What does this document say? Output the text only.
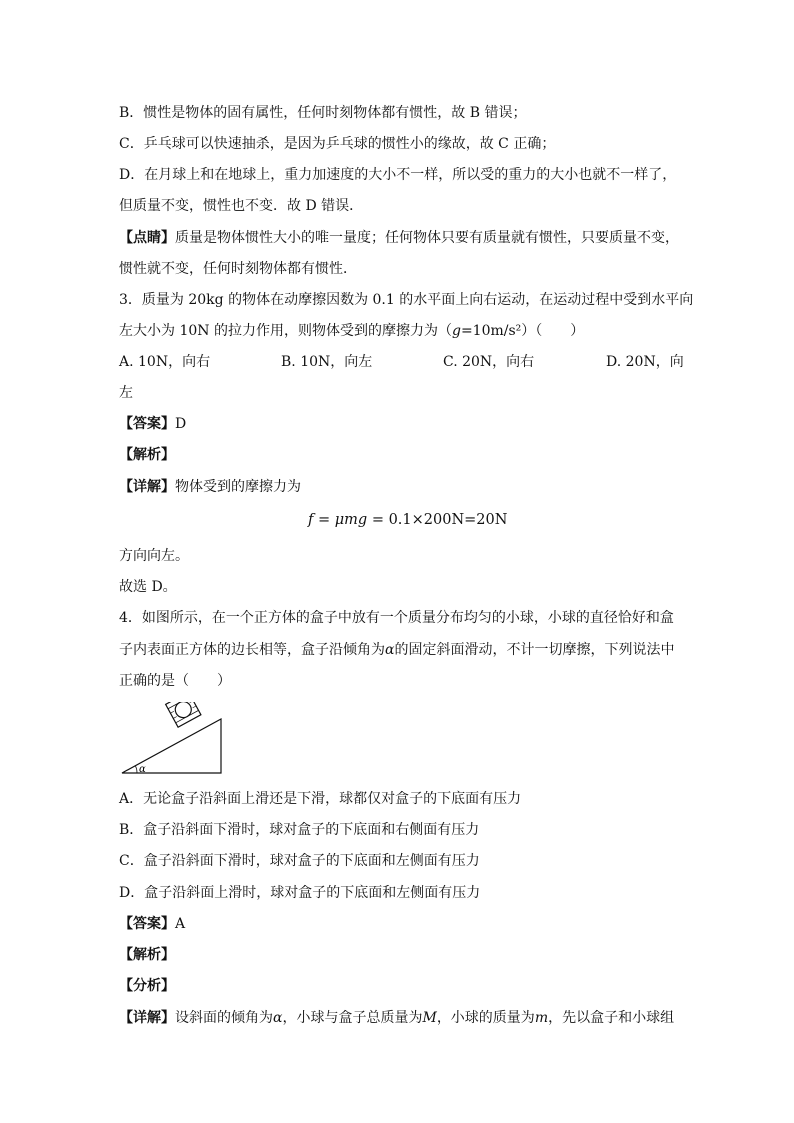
B．惯性是物体的固有属性，任何时刻物体都有惯性，故 B 错误；
C．乒乓球可以快速抽杀，是因为乒乓球的惯性小的缘故，故 C 正确；
D．在月球上和在地球上，重力加速度的大小不一样，所以受的重力的大小也就不一样了，
但质量不变，惯性也不变．故 D 错误．
【点睛】质量是物体惯性大小的唯一量度；任何物体只要有质量就有惯性，只要质量不变，
惯性就不变，任何时刻物体都有惯性．
3．质量为 20kg 的物体在动摩擦因数为 0.1 的水平面上向右运动，在运动过程中受到水平向
左大小为 10N 的拉力作用，则物体受到的摩擦力为（g=10m/s²）（　　）
A. 10N，向右	B. 10N，向左	C. 20N，向右	D. 20N，向
左
【答案】D
【解析】
【详解】物体受到的摩擦力为
f = μmg = 0.1×200N=20N
方向向左。
故选 D。
4．如图所示，在一个正方体的盒子中放有一个质量分布均匀的小球，小球的直径恰好和盒
子内表面正方体的边长相等，盒子沿倾角为α的固定斜面滑动，不计一切摩擦，下列说法中
正确的是（　　）
α
A．无论盒子沿斜面上滑还是下滑，球都仅对盒子的下底面有压力
B．盒子沿斜面下滑时，球对盒子的下底面和右侧面有压力
C．盒子沿斜面下滑时，球对盒子的下底面和左侧面有压力
D．盒子沿斜面上滑时，球对盒子的下底面和左侧面有压力
【答案】A
【解析】
【分析】
【详解】设斜面的倾角为α，小球与盒子总质量为M，小球的质量为m，先以盒子和小球组
